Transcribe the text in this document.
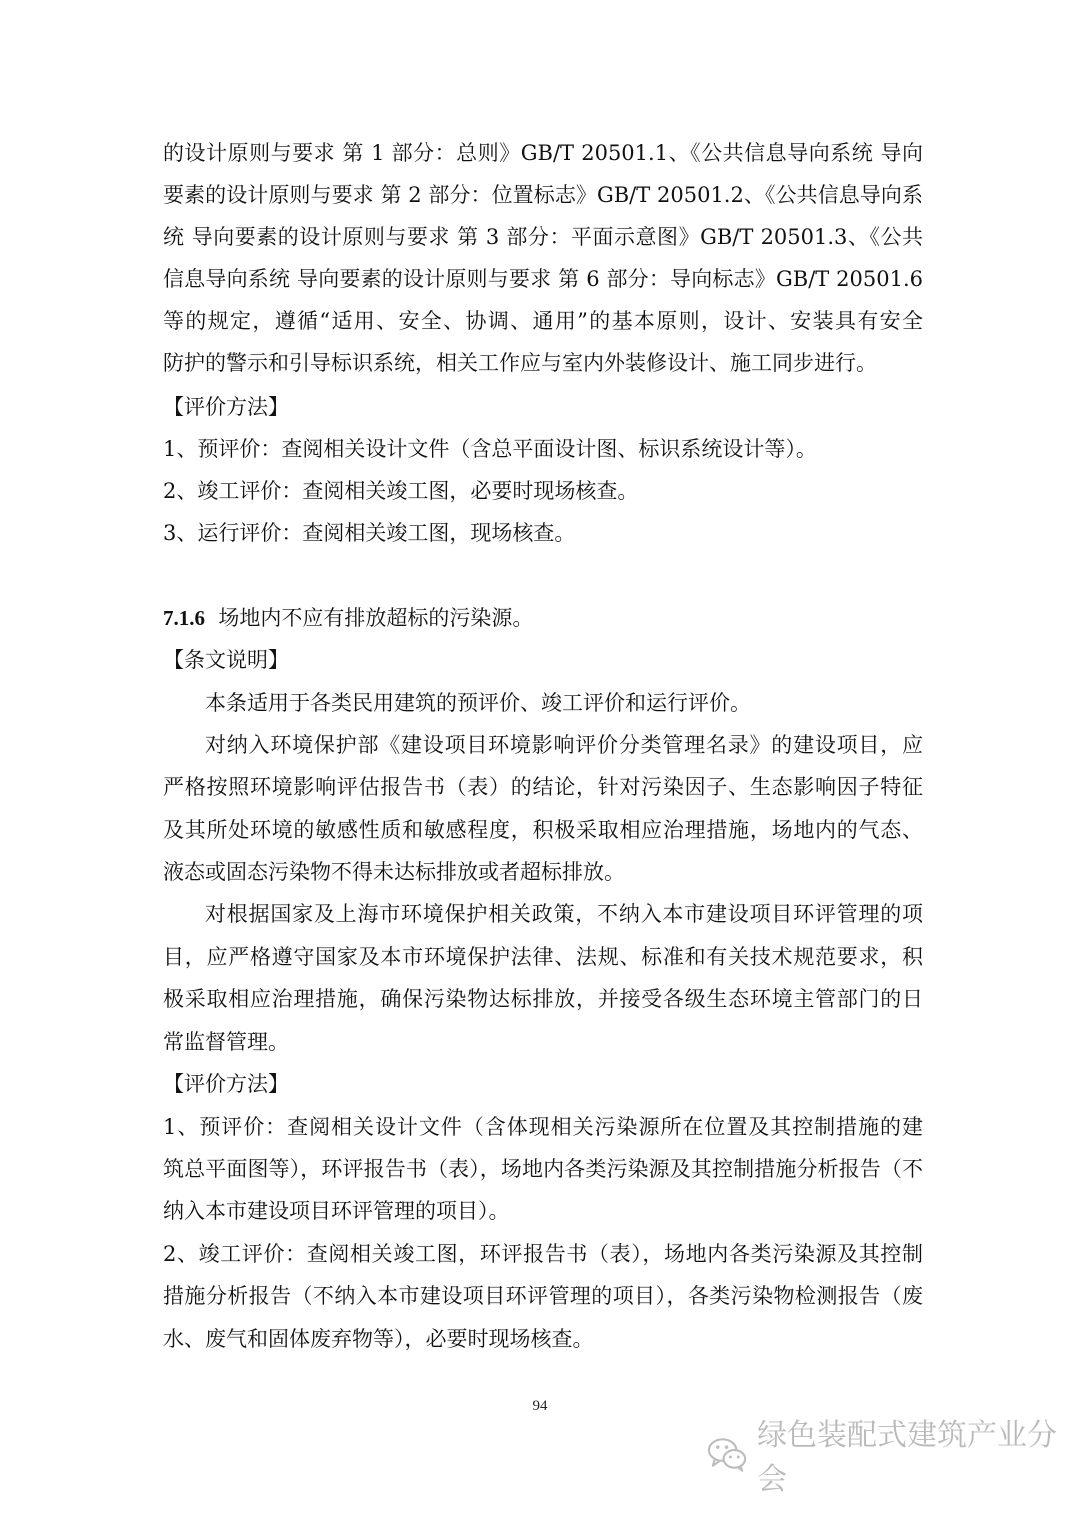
的设计原则与要求 第 1 部分：总则》GB/T 20501.1、《公共信息导向系统 导向
要素的设计原则与要求 第 2 部分：位置标志》GB/T 20501.2、《公共信息导向系
统 导向要素的设计原则与要求 第 3 部分：平面示意图》GB/T 20501.3、《公共
信息导向系统 导向要素的设计原则与要求 第 6 部分：导向标志》GB/T 20501.6
等的规定，遵循“适用、安全、协调、通用”的基本原则，设计、安装具有安全
防护的警示和引导标识系统，相关工作应与室内外装修设计、施工同步进行。
【评价方法】
1、预评价：查阅相关设计文件（含总平面设计图、标识系统设计等）。
2、竣工评价：查阅相关竣工图，必要时现场核查。
3、运行评价：查阅相关竣工图，现场核查。
7.1.6 场地内不应有排放超标的污染源。
【条文说明】
本条适用于各类民用建筑的预评价、竣工评价和运行评价。
对纳入环境保护部《建设项目环境影响评价分类管理名录》的建设项目，应
严格按照环境影响评估报告书（表）的结论，针对污染因子、生态影响因子特征
及其所处环境的敏感性质和敏感程度，积极采取相应治理措施，场地内的气态、
液态或固态污染物不得未达标排放或者超标排放。
对根据国家及上海市环境保护相关政策，不纳入本市建设项目环评管理的项
目，应严格遵守国家及本市环境保护法律、法规、标准和有关技术规范要求，积
极采取相应治理措施，确保污染物达标排放，并接受各级生态环境主管部门的日
常监督管理。
【评价方法】
1、预评价：查阅相关设计文件（含体现相关污染源所在位置及其控制措施的建
筑总平面图等），环评报告书（表），场地内各类污染源及其控制措施分析报告（不
纳入本市建设项目环评管理的项目）。
2、竣工评价：查阅相关竣工图，环评报告书（表），场地内各类污染源及其控制
措施分析报告（不纳入本市建设项目环评管理的项目），各类污染物检测报告（废
水、废气和固体废弃物等），必要时现场核查。
94
绿色装配式建筑产业分会
